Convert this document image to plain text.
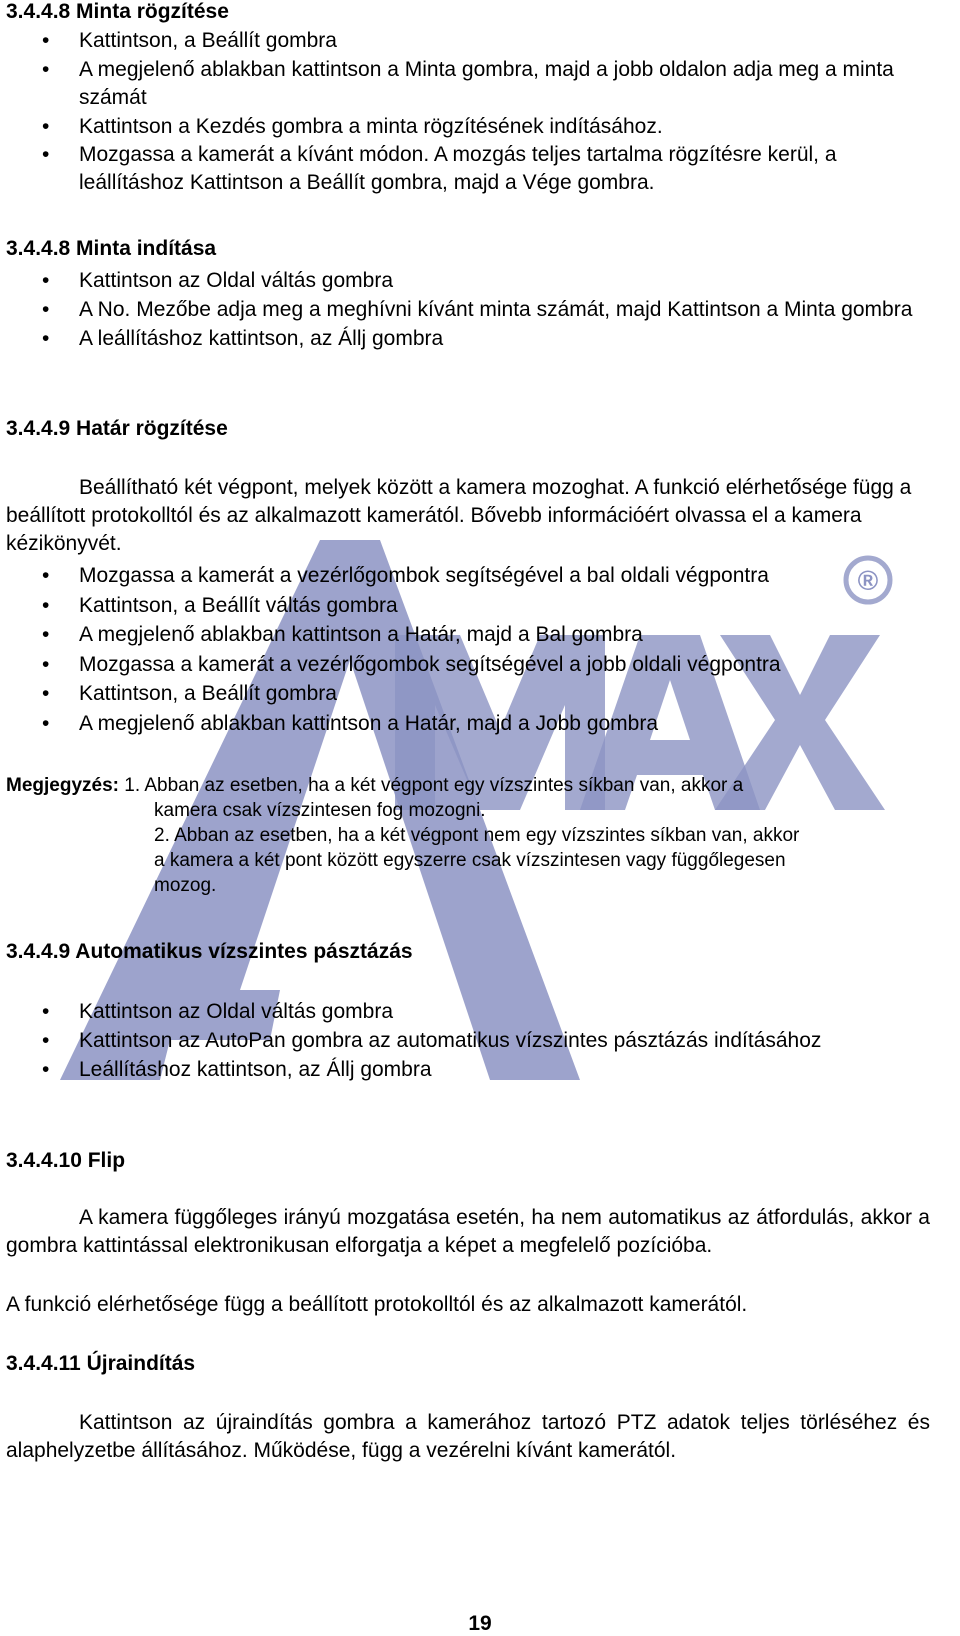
®
3.4.4.8 Minta rögzítése
• Kattintson, a Beállít gombra
• A megjelenő ablakban kattintson a Minta gombra, majd a jobb oldalon adja meg a minta számát
• Kattintson a Kezdés gombra a minta rögzítésének indításához.
• Mozgassa a kamerát a kívánt módon. A mozgás teljes tartalma rögzítésre kerül, a leállításhoz Kattintson a Beállít gombra, majd a Vége gombra.
3.4.4.8 Minta indítása
• Kattintson az Oldal váltás gombra
• A No. Mezőbe adja meg a meghívni kívánt minta számát, majd Kattintson a Minta gombra
• A leállításhoz kattintson, az Állj gombra
3.4.4.9 Határ rögzítése

Beállítható két végpont, melyek között a kamera mozoghat. A funkció elérhetősége függ a beállított protokolltól és az alkalmazott kamerától. Bővebb információért olvassa el a kamera kézikönyvét.

• Mozgassa a kamerát a vezérlőgombok segítségével a bal oldali végpontra
• Kattintson, a Beállít váltás gombra
• A megjelenő ablakban kattintson a Határ, majd a Bal gombra
• Mozgassa a kamerát a vezérlőgombok segítségével a jobb oldali végpontra
• Kattintson, a Beállít gombra
• A megjelenő ablakban kattintson a Határ, majd a Jobb gombra
Megjegyzés: 1. Abban az esetben, ha a két végpont egy vízszintes síkban van, akkor a
kamera csak vízszintesen fog mozogni.
2. Abban az esetben, ha a két végpont nem egy vízszintes síkban van, akkor
a kamera a két pont között egyszerre csak vízszintesen vagy függőlegesen
mozog.
3.4.4.9 Automatikus vízszintes pásztázás
• Kattintson az Oldal váltás gombra
• Kattintson az AutoPan gombra az automatikus vízszintes pásztázás indításához
• Leállításhoz kattintson, az Állj gombra
3.4.4.10 Flip

A kamera függőleges irányú mozgatása esetén, ha nem automatikus az átfordulás, akkor a gombra kattintással elektronikusan elforgatja a képet a megfelelő pozícióba.

A funkció elérhetősége függ a beállított protokolltól és az alkalmazott kamerától.

3.4.4.11 Újraindítás

Kattintson az újraindítás gombra a kamerához tartozó PTZ adatok teljes törléséhez és alaphelyzetbe állításához. Működése, függ a vezérelni kívánt kamerától.

19
